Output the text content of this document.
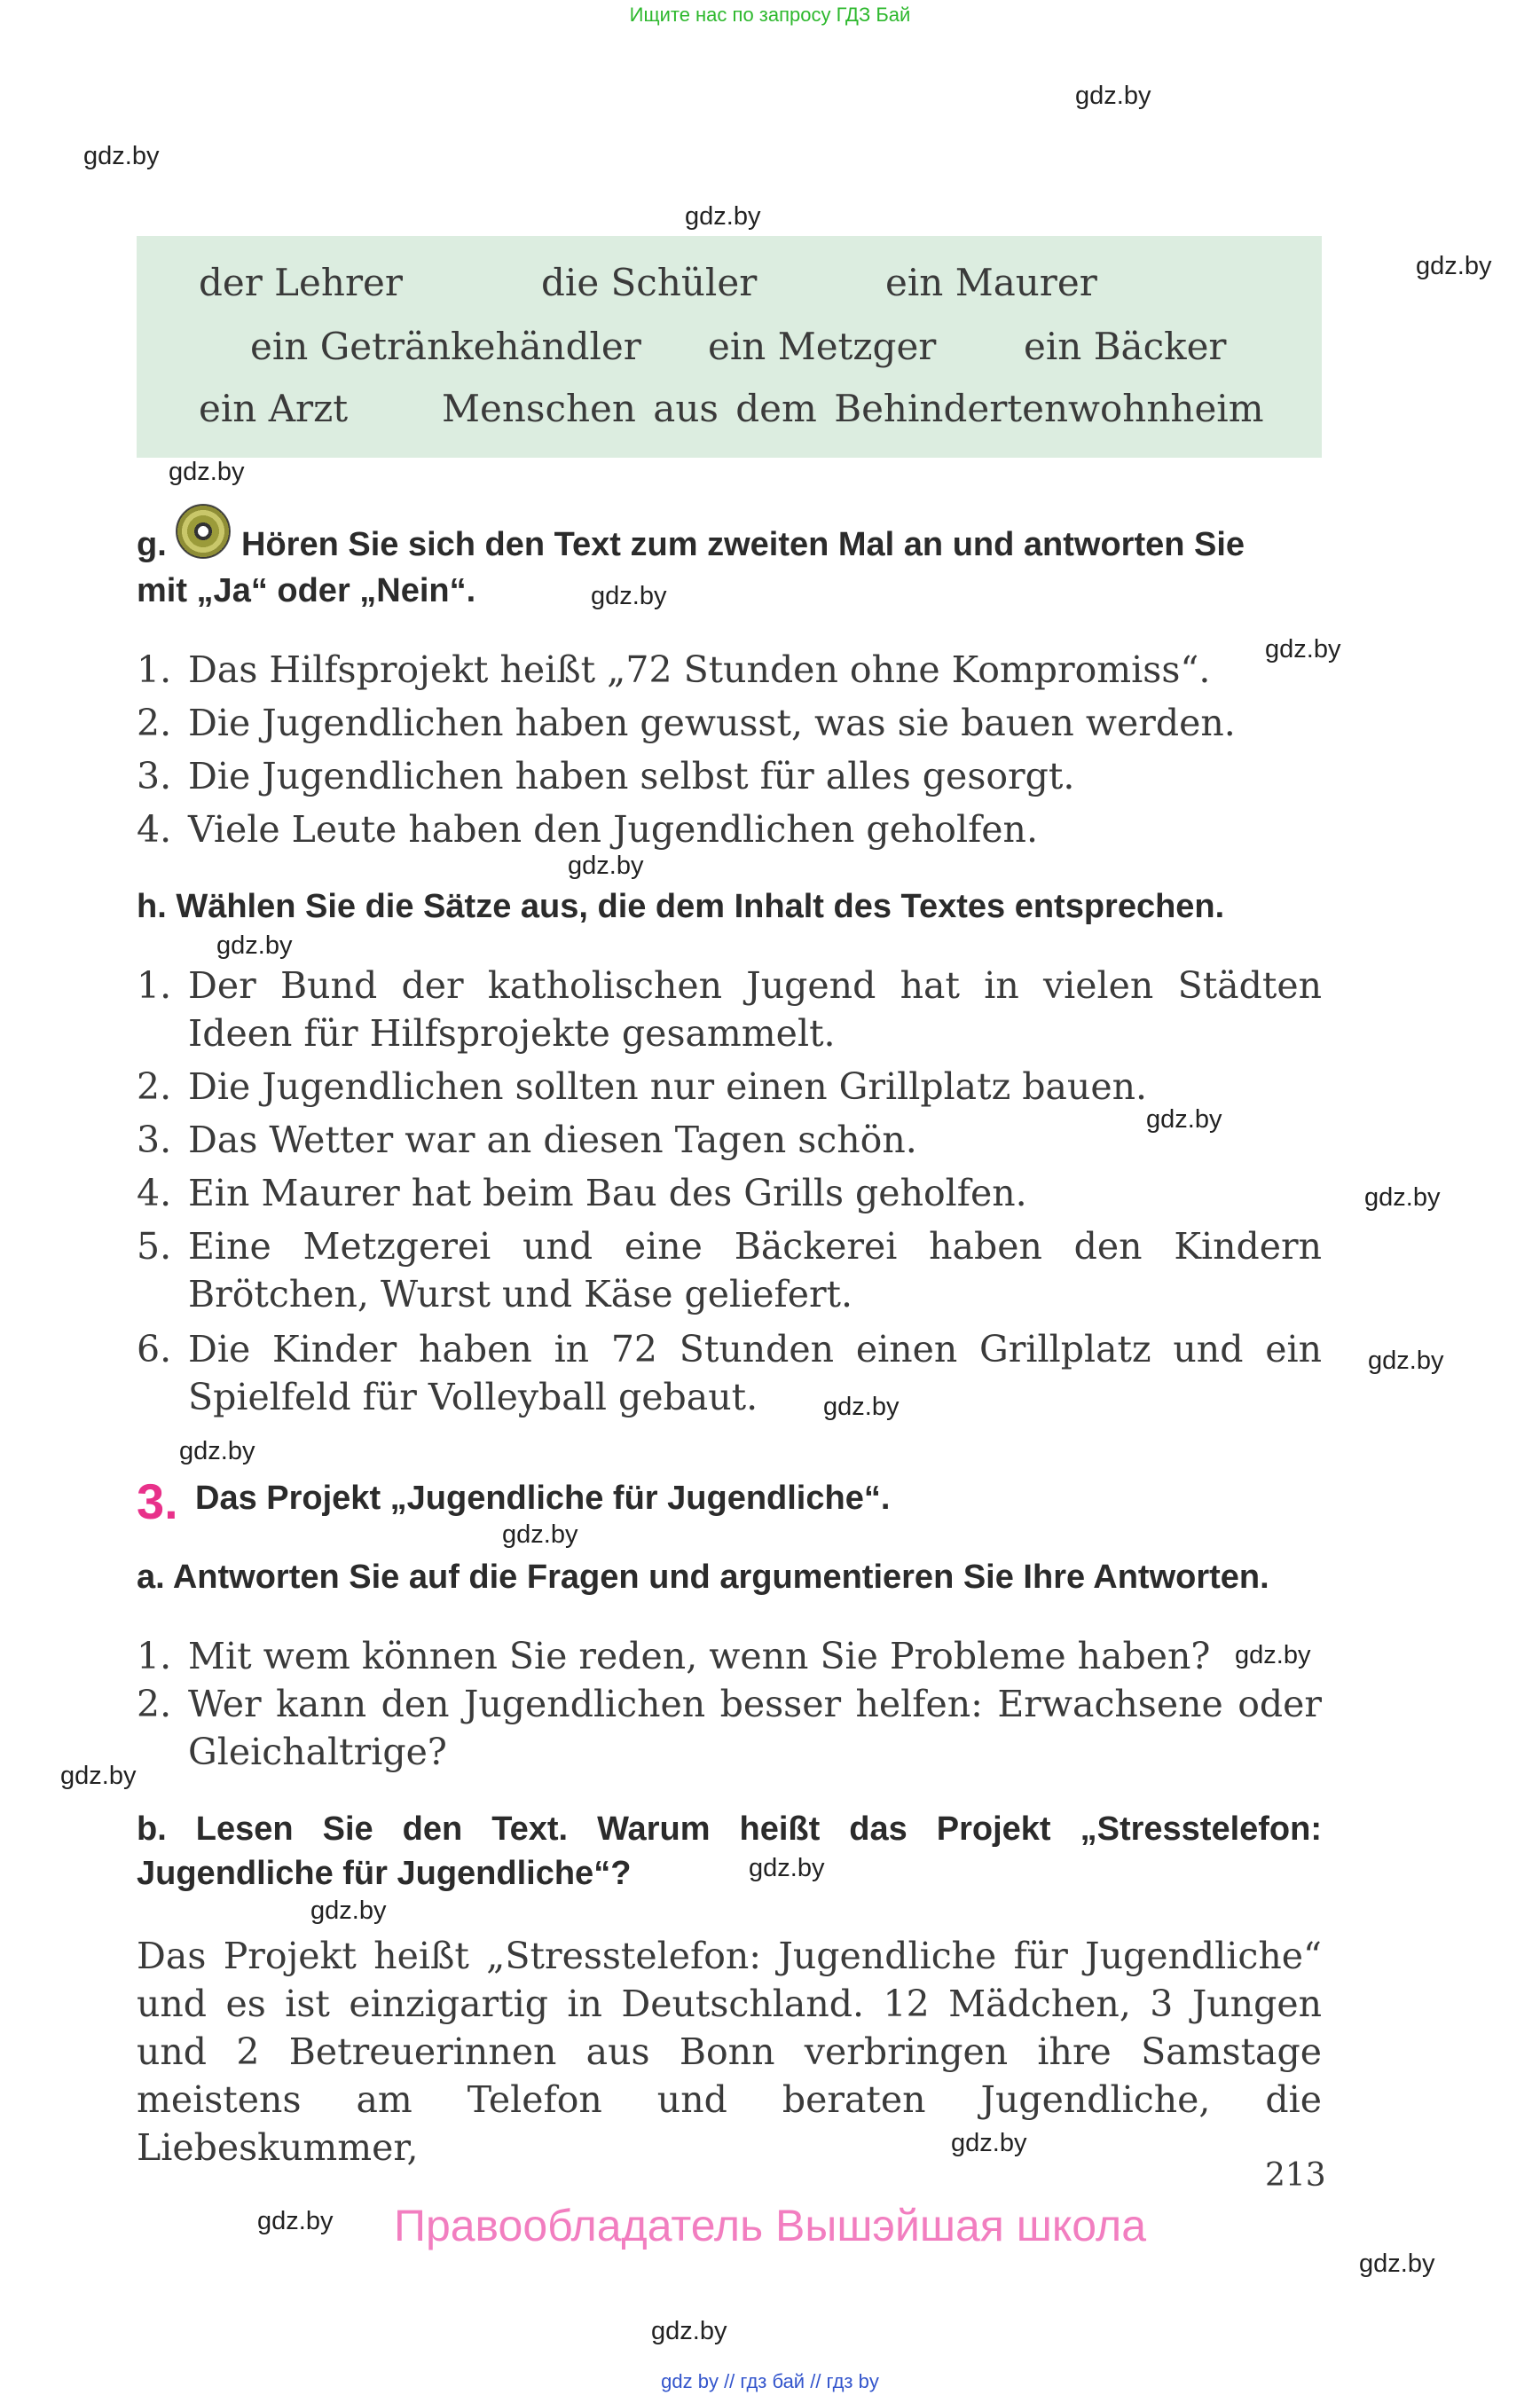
Ищите нас по запросу ГДЗ Бай
gdz by // гдз бай // гдз by
gdz.by
gdz.by
gdz.by
gdz.by
gdz.by
gdz.by
gdz.by
gdz.by
gdz.by
gdz.by
gdz.by
gdz.by
gdz.by
gdz.by
gdz.by
gdz.by
gdz.by
gdz.by
gdz.by
gdz.by
gdz.by
gdz.by
gdz.by
der Lehrer	die Schüler	ein Maurer
ein Getränkehändler ein Metzger ein Bäcker
ein Arzt	Menschen aus dem Behindertenwohnheim
g. Hören Sie sich den Text zum zweiten Mal an und antworten Sie
mit „Ja“ oder „Nein“.
1. Das Hilfsprojekt heißt „72 Stunden ohne Kompromiss“.
2. Die Jugendlichen haben gewusst, was sie bauen werden.
3. Die Jugendlichen haben selbst für alles gesorgt.
4. Viele Leute haben den Jugendlichen geholfen.
h. Wählen Sie die Sätze aus, die dem Inhalt des Textes entsprechen.
1. Der Bund der katholischen Jugend hat in vielen Städten Ideen für Hilfsprojekte gesammelt.
2. Die Jugendlichen sollten nur einen Grillplatz bauen.
3. Das Wetter war an diesen Tagen schön.
4. Ein Maurer hat beim Bau des Grills geholfen.
5. Eine Metzgerei und eine Bäckerei haben den Kindern Brötchen, Wurst und Käse geliefert.
6. Die Kinder haben in 72 Stunden einen Grillplatz und ein Spielfeld für Volleyball gebaut.
3. Das Projekt „Jugendliche für Jugendliche“.
a. Antworten Sie auf die Fragen und argumentieren Sie Ihre Antworten.
1. Mit wem können Sie reden, wenn Sie Probleme haben?
2. Wer kann den Jugendlichen besser helfen: Erwachsene oder Gleichaltrige?
b. Lesen Sie den Text. Warum heißt das Projekt „Stresstelefon:
Jugendliche für Jugendliche“?
Das Projekt heißt „Stresstelefon: Jugendliche für Jugendliche“ und es ist einzigartig in Deutschland. 12 Mädchen, 3 Jungen und 2 Betreuerinnen aus Bonn verbringen ihre Samstage meistens am Telefon und beraten Jugendliche, die Liebeskummer,
213
Правообладатель Вышэйшая школа
